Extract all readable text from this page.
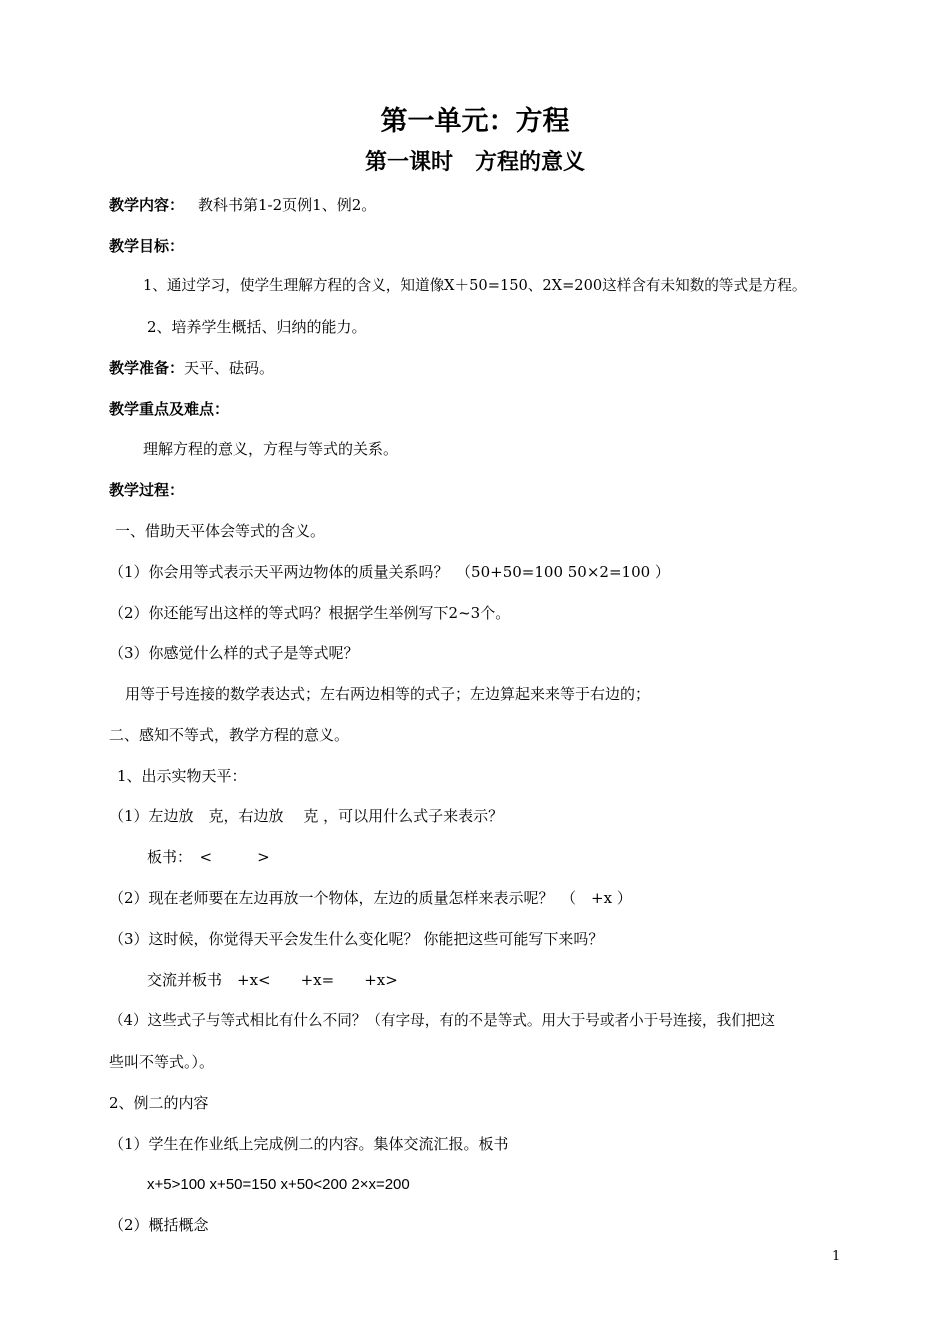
第一单元：方程
第一课时　方程的意义
教学内容： 教科书第1-2页例1、例2。
教学目标：
1、通过学习，使学生理解方程的含义，知道像X＋50=150、2X=200这样含有未知数的等式是方程。
2、培养学生概括、归纳的能力。
教学准备：天平、砝码。
教学重点及难点：
理解方程的意义，方程与等式的关系。
教学过程：
一、借助天平体会等式的含义。
（1）你会用等式表示天平两边物体的质量关系吗？　（50+50=100 50×2=100 ）
（2）你还能写出这样的等式吗？根据学生举例写下2~3个。
（3）你感觉什么样的式子是等式呢？
用等于号连接的数学表达式；左右两边相等的式子；左边算起来来等于右边的；
二、感知不等式，教学方程的意义。
1、出示实物天平：
（1）左边放　克，右边放　 克 ，可以用什么式子来表示？
板书：　<　　　>
（2）现在老师要在左边再放一个物体，左边的质量怎样来表示呢？　（　+x ）
（3）这时候，你觉得天平会发生什么变化呢？ 你能把这些可能写下来吗？
交流并板书　+x<　　+x=　　+x>
（4）这些式子与等式相比有什么不同？（有字母，有的不是等式。用大于号或者小于号连接，我们把这
些叫不等式。）。
2、例二的内容
（1）学生在作业纸上完成例二的内容。集体交流汇报。板书
x+5>100 x+50=150 x+50<200 2×x=200
（2）概括概念
1
